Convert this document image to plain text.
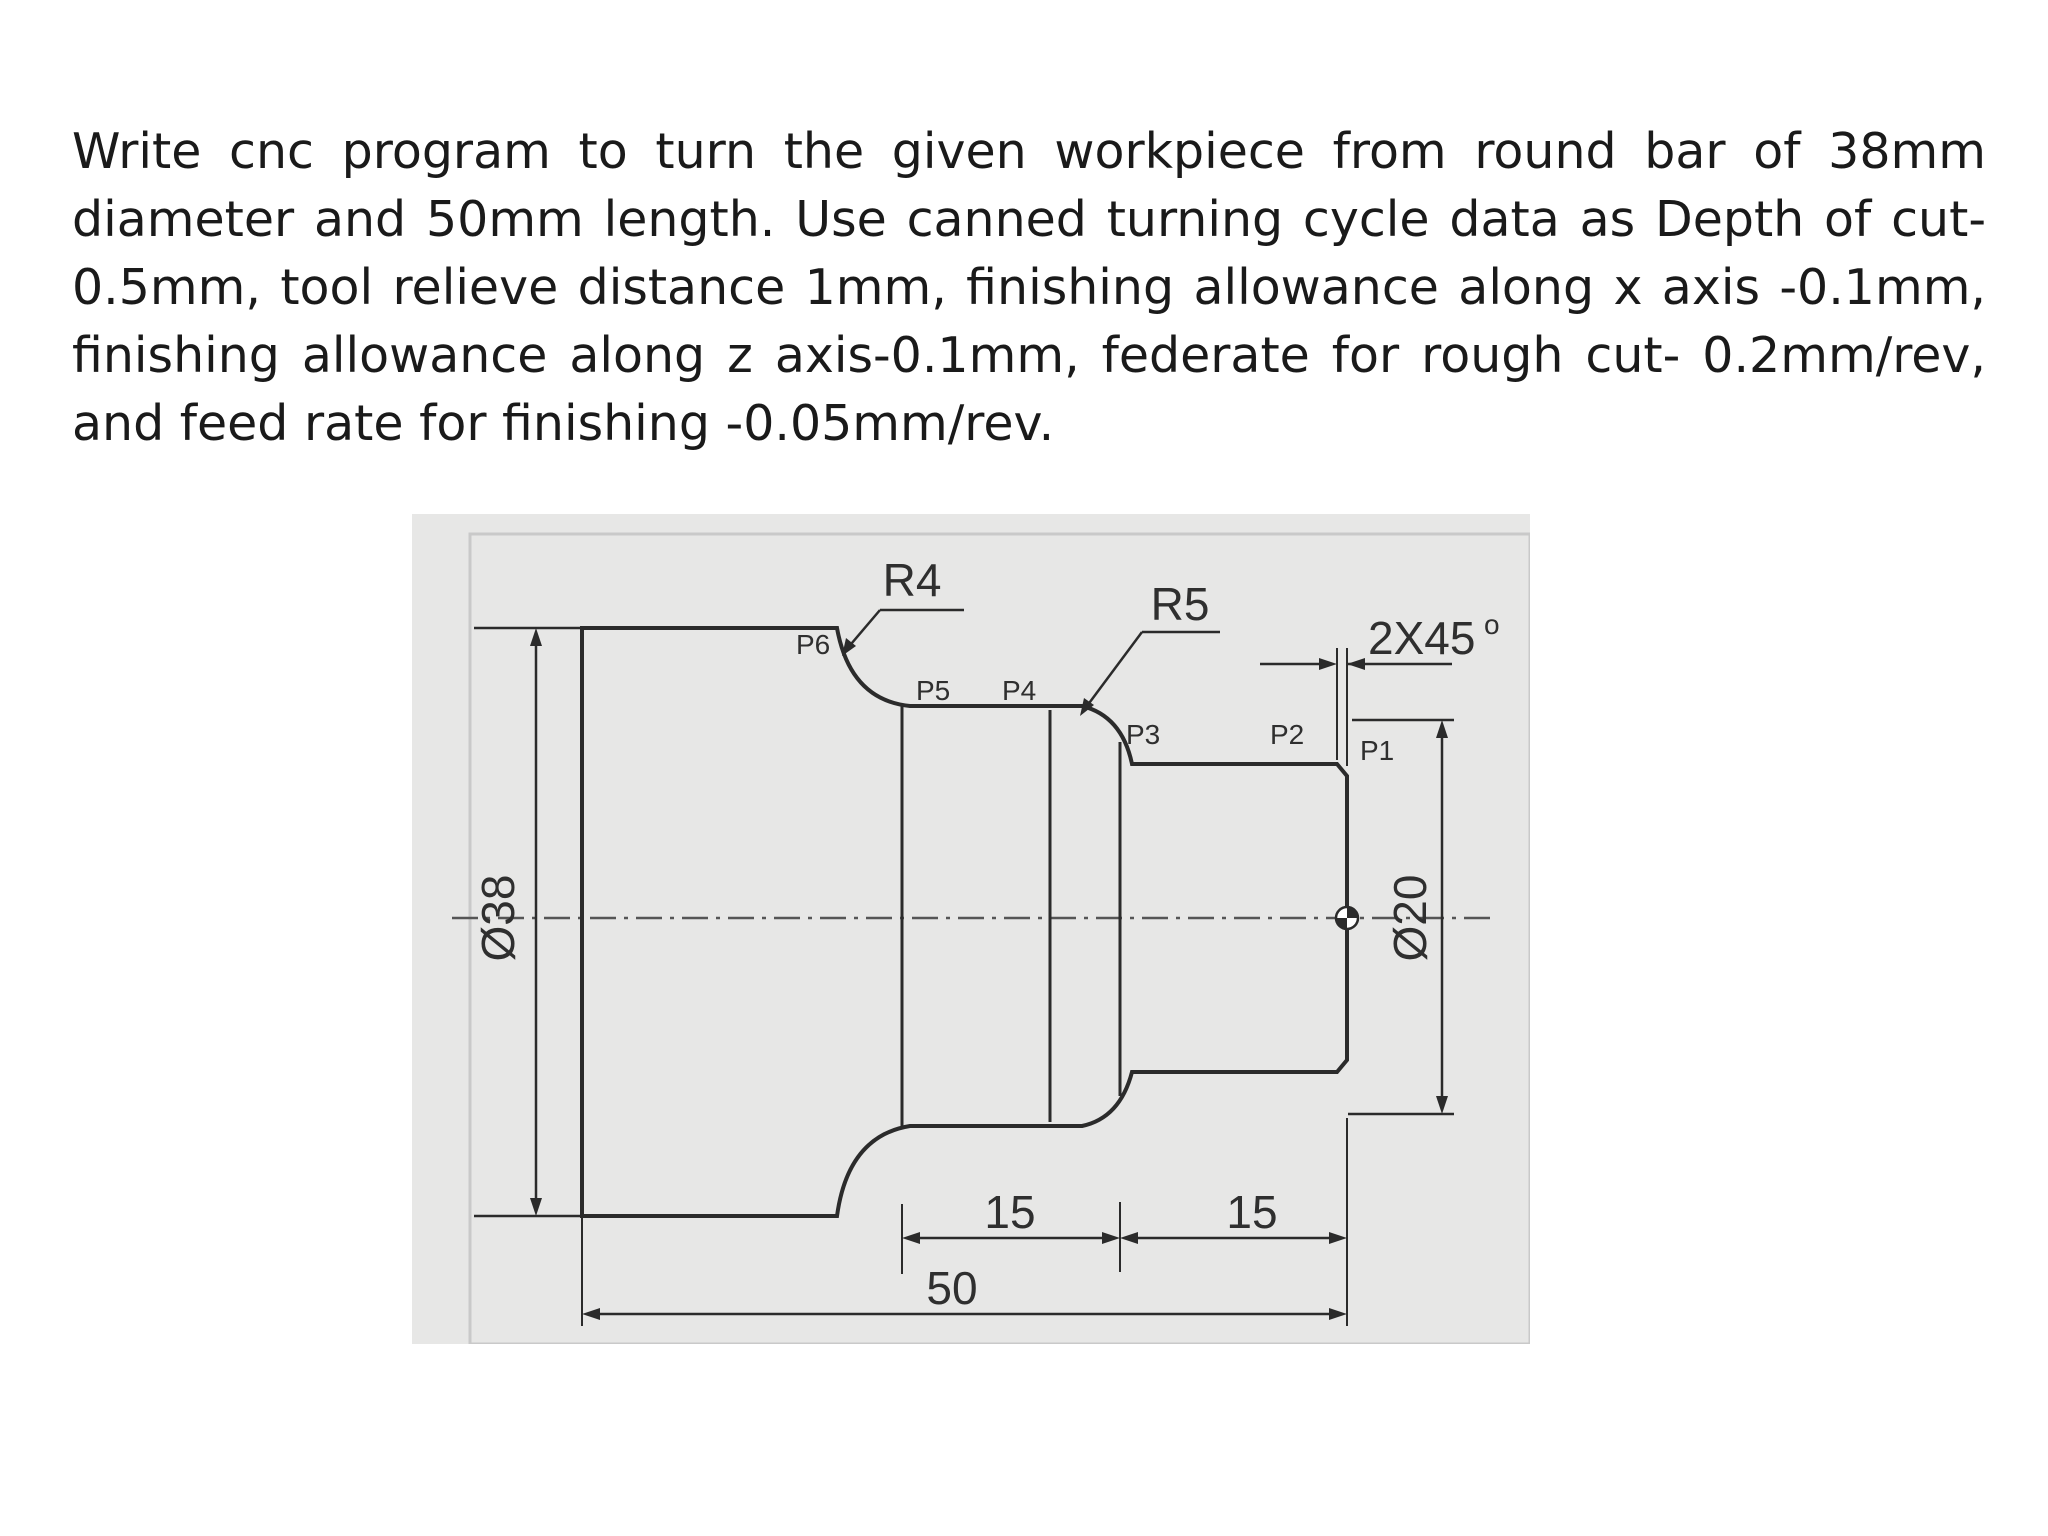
Write cnc program to turn the given workpiece from round bar of 38mm diameter and 50mm length. Use canned turning cycle data as Depth of cut- 0.5mm, tool relieve distance 1mm, finishing allowance along x axis -0.1mm, finishing allowance along z axis-0.1mm, federate for rough cut- 0.2mm/rev, and feed rate for finishing -0.05mm/rev.

Ø38	Ø20
2X45 o
R4	R5
P6
P5 P4
P3	P2
P1
15	15
50
